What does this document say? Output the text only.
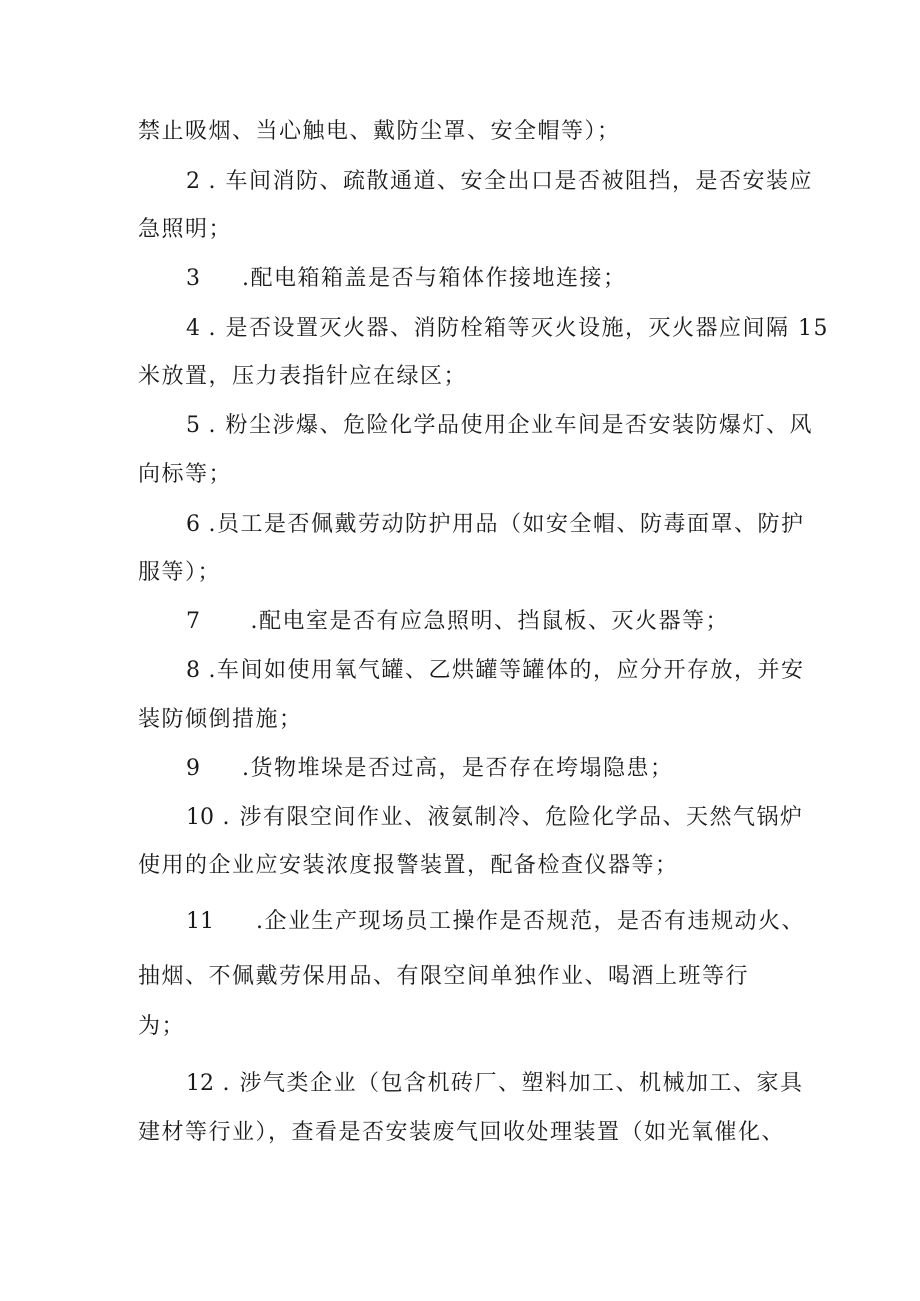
禁止吸烟、当心触电、戴防尘罩、安全帽等）；
2 . 车间消防、疏散通道、安全出口是否被阻挡，是否安装应
急照明；
3 .配电箱箱盖是否与箱体作接地连接；
4 . 是否设置灭火器、消防栓箱等灭火设施，灭火器应间隔 15
米放置，压力表指针应在绿区；
5 . 粉尘涉爆、危险化学品使用企业车间是否安装防爆灯、风
向标等；
6 .员工是否佩戴劳动防护用品（如安全帽、防毒面罩、防护
服等）；
7 .配电室是否有应急照明、挡鼠板、灭火器等；
8 .车间如使用氧气罐、乙烘罐等罐体的，应分开存放，并安
装防倾倒措施；
9 .货物堆垛是否过高，是否存在垮塌隐患；
10 . 涉有限空间作业、液氨制冷、危险化学品、天然气锅炉
使用的企业应安装浓度报警装置，配备检查仪器等；
11 .企业生产现场员工操作是否规范，是否有违规动火、
抽烟、不佩戴劳保用品、有限空间单独作业、喝酒上班等行
为；
12 . 涉气类企业（包含机砖厂、塑料加工、机械加工、家具
建材等行业），查看是否安装废气回收处理装置（如光氧催化、
